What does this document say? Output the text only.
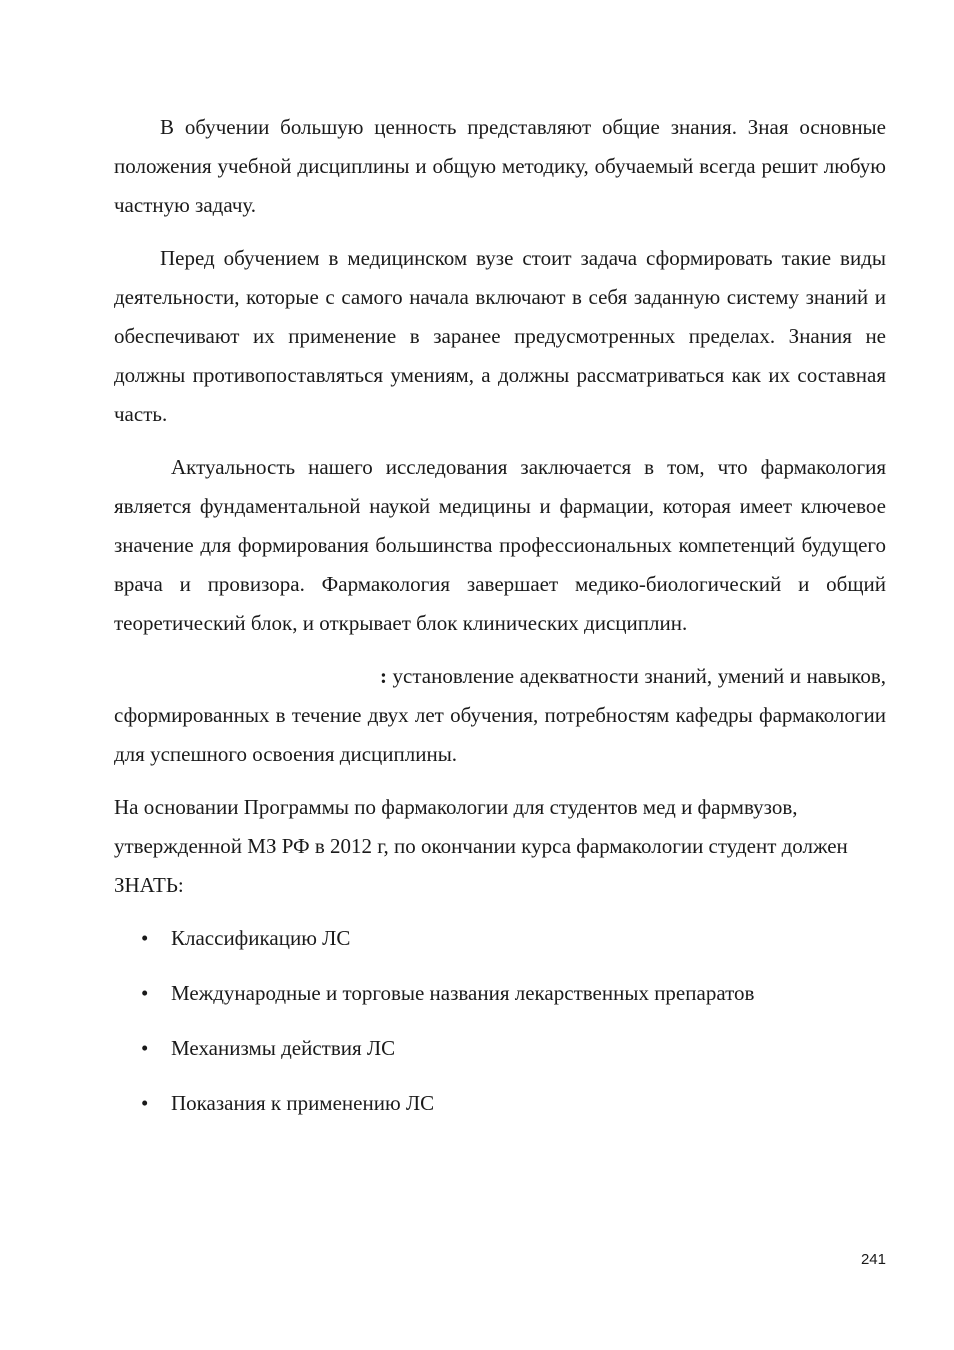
В обучении большую ценность представляют общие знания. Зная основные положения учебной дисциплины и общую методику, обучаемый всегда решит любую частную задачу.

Перед обучением в медицинском вузе стоит задача сформировать такие виды деятельности, которые с самого начала включают в себя заданную систему знаний и обеспечивают их применение в заранее предусмотренных пределах. Знания не должны противопоставляться умениям, а должны рассматриваться как их составная часть.

Актуальность нашего исследования заключается в том, что фармакология является фундаментальной наукой медицины и фармации, которая имеет ключевое значение для формирования большинства профессиональных компетенций будущего врача и провизора. Фармакология завершает медико-биологический и общий теоретический блок, и открывает блок клинических дисциплин.

: установление адекватности знаний, умений и навыков, сформированных в течение двух лет обучения, потребностям кафедры фармакологии для успешного освоения дисциплины.

На основании Программы по фармакологии для студентов мед и фармвузов, утвержденной МЗ РФ в 2012 г, по окончании курса фармакологии студент должен ЗНАТЬ:

• Классификацию ЛС
• Международные и торговые названия лекарственных препаратов
• Механизмы действия ЛС
• Показания к применению ЛС
241
